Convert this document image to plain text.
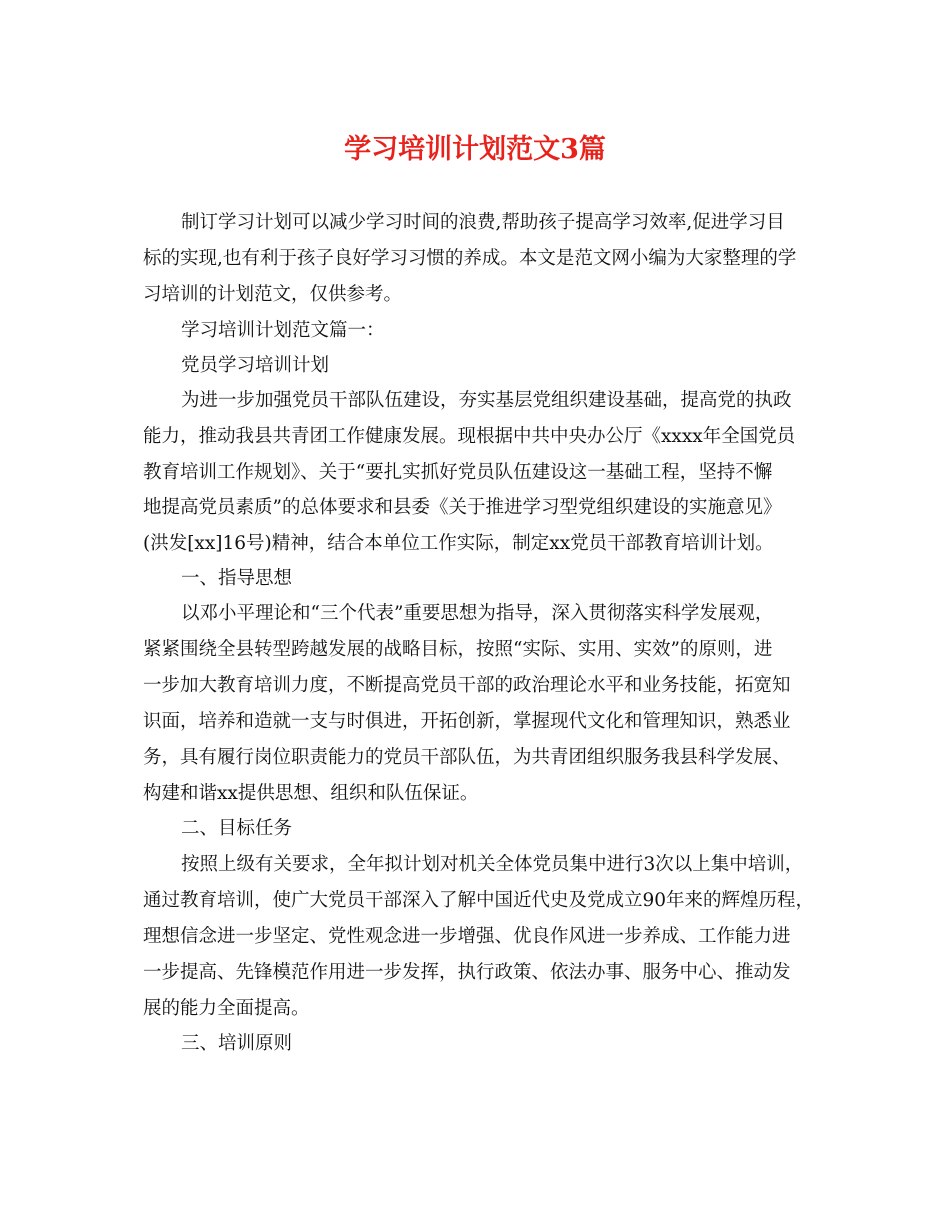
学习培训计划范文3篇
制订学习计划可以减少学习时间的浪费,帮助孩子提高学习效率,促进学习目
标的实现,也有利于孩子良好学习习惯的养成。本文是范文网小编为大家整理的学
习培训的计划范文，仅供参考。
学习培训计划范文篇一：
党员学习培训计划
为进一步加强党员干部队伍建设，夯实基层党组织建设基础，提高党的执政
能力，推动我县共青团工作健康发展。现根据中共中央办公厅《xxxx年全国党员
教育培训工作规划》、关于“要扎实抓好党员队伍建设这一基础工程，坚持不懈
地提高党员素质”的总体要求和县委《关于推进学习型党组织建设的实施意见》
(洪发[xx]16号)精神，结合本单位工作实际，制定xx党员干部教育培训计划。
一、指导思想
以邓小平理论和“三个代表”重要思想为指导，深入贯彻落实科学发展观，
紧紧围绕全县转型跨越发展的战略目标，按照“实际、实用、实效”的原则，进
一步加大教育培训力度，不断提高党员干部的政治理论水平和业务技能，拓宽知
识面，培养和造就一支与时俱进，开拓创新，掌握现代文化和管理知识，熟悉业
务，具有履行岗位职责能力的党员干部队伍，为共青团组织服务我县科学发展、
构建和谐xx提供思想、组织和队伍保证。
二、目标任务
按照上级有关要求，全年拟计划对机关全体党员集中进行3次以上集中培训，
通过教育培训，使广大党员干部深入了解中国近代史及党成立90年来的辉煌历程，
理想信念进一步坚定、党性观念进一步增强、优良作风进一步养成、工作能力进
一步提高、先锋模范作用进一步发挥，执行政策、依法办事、服务中心、推动发
展的能力全面提高。
三、培训原则
